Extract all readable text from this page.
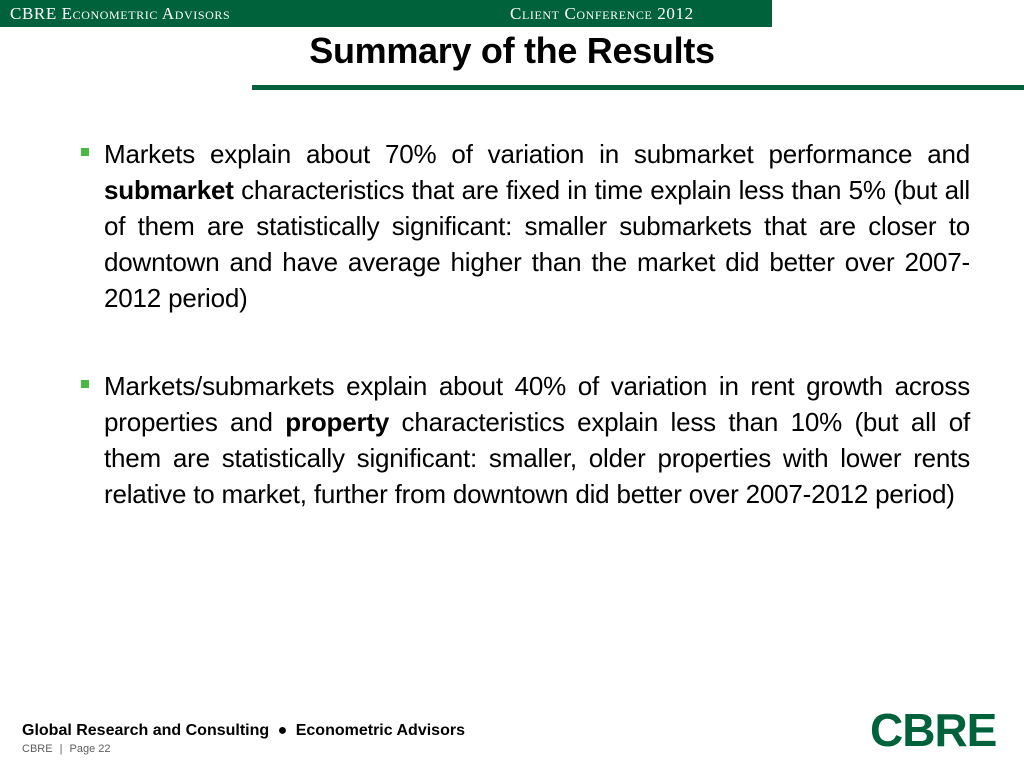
CBRE Econometric Advisors	Client Conference 2012
Summary of the Results

Markets explain about 70% of variation in submarket performance and submarket characteristics that are fixed in time explain less than 5% (but all of them are statistically significant: smaller submarkets that are closer to downtown and have average higher than the market did better over 2007-2012 period)

Markets/submarkets explain about 40% of variation in rent growth across properties and property characteristics explain less than 10% (but all of them are statistically significant: smaller, older properties with lower rents relative to market, further from downtown did better over 2007-2012 period)

Global Research and Consulting ● Econometric Advisors
CBRE | Page 22	CBRE
